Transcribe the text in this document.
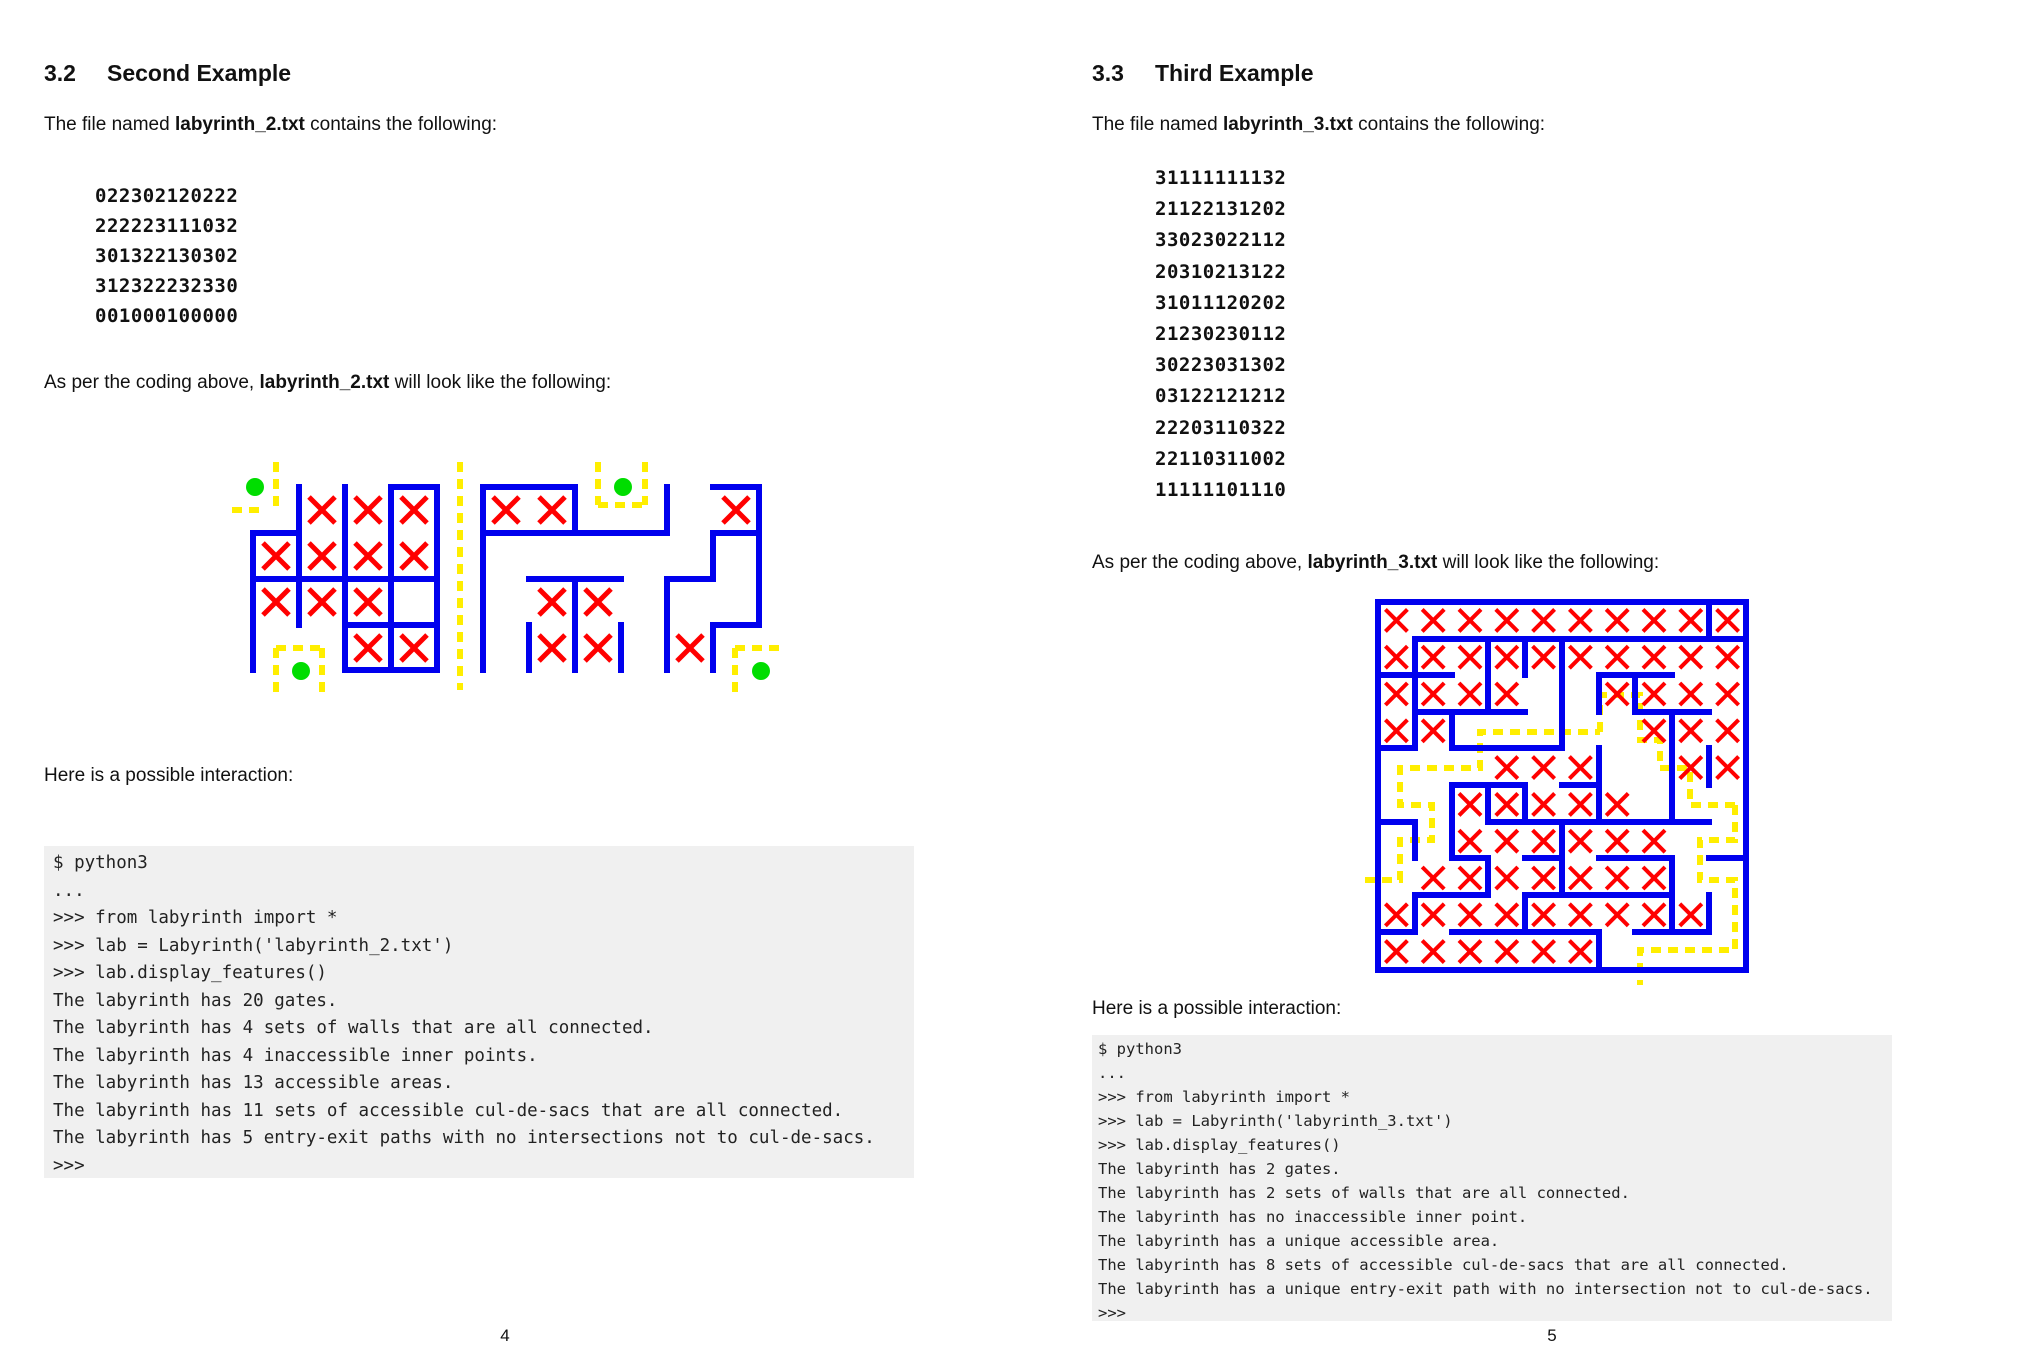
3.2 Second Example
The file named labyrinth_2.txt contains the following:
022302120222
222223111032
301322130302
312322232330
001000100000
As per the coding above, labyrinth_2.txt will look like the following:
Here is a possible interaction:
$ python3
...
>>> from labyrinth import *
>>> lab = Labyrinth('labyrinth_2.txt')
>>> lab.display_features()
The labyrinth has 20 gates.
The labyrinth has 4 sets of walls that are all connected.
The labyrinth has 4 inaccessible inner points.
The labyrinth has 13 accessible areas.
The labyrinth has 11 sets of accessible cul-de-sacs that are all connected.
The labyrinth has 5 entry-exit paths with no intersections not to cul-de-sacs.
>>>
4
3.3 Third Example
The file named labyrinth_3.txt contains the following:
31111111132
21122131202
33023022112
20310213122
31011120202
21230230112
30223031302
03122121212
22203110322
22110311002
11111101110
As per the coding above, labyrinth_3.txt will look like the following:
Here is a possible interaction:
$ python3
...
>>> from labyrinth import *
>>> lab = Labyrinth('labyrinth_3.txt')
>>> lab.display_features()
The labyrinth has 2 gates.
The labyrinth has 2 sets of walls that are all connected.
The labyrinth has no inaccessible inner point.
The labyrinth has a unique accessible area.
The labyrinth has 8 sets of accessible cul-de-sacs that are all connected.
The labyrinth has a unique entry-exit path with no intersection not to cul-de-sacs.
>>>
5
